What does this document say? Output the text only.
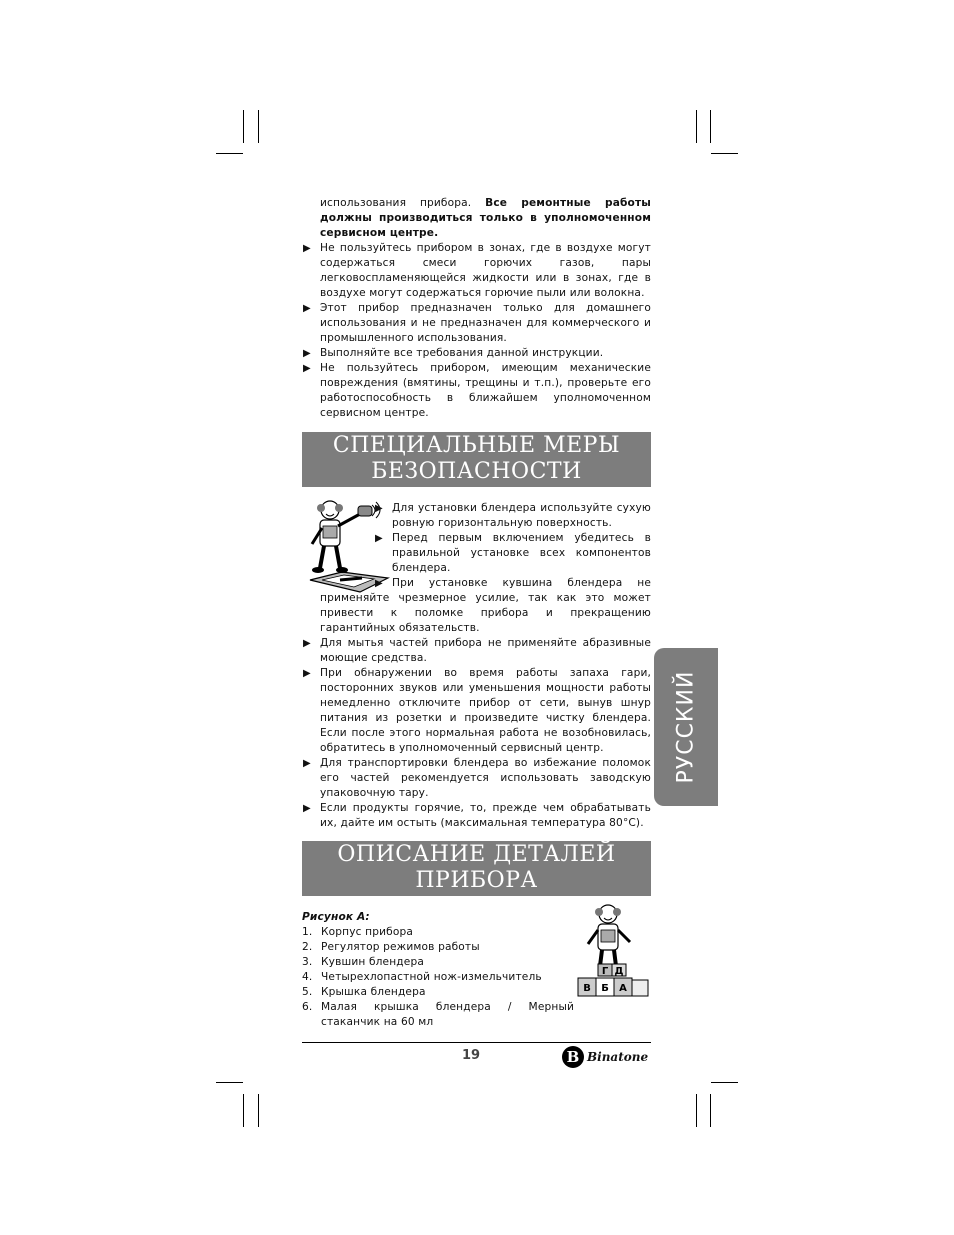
использования прибора. Все ремонтные работы должны производиться только в уполномоченном сервисном центре.
▶ Не пользуйтесь прибором в зонах, где в воздухе могут содержаться смеси горючих газов, пары легковоспламеняющейся жидкости или в зонах, где в воздухе могут содержаться горючие пыли или волокна.
▶ Этот прибор предназначен только для домашнего использования и не предназначен для коммерческого и промышленного использования.
▶ Выполняйте все требования данной инструкции.
▶ Не пользуйтесь прибором, имеющим механические повреждения (вмятины, трещины и т.п.), проверьте его работоспособность в ближайшем уполномоченном сервисном центре.
СПЕЦИАЛЬНЫЕ МЕРЫ
БЕЗОПАСНОСТИ
▶ Для установки блендера используйте сухую ровную горизонтальную поверхность.
▶ Перед первым включением убедитесь в правильной установке всех компонентов блендера.
▶ При установке кувшина блендера не применяйте чрезмерное усилие, так как это может привести к поломке прибора и прекращению гарантийных обязательств.
▶ Для мытья частей прибора не применяйте абразивные моющие средства.
▶ При обнаружении во время работы запаха гари, посторонних звуков или уменьшения мощности работы немедленно отключите прибор от сети, вынув шнур питания из розетки и произведите чистку блендера. Если после этого нормальная работа не возобновилась, обратитесь в уполномоченный сервисный центр.
▶ Для транспортировки блендера во избежание поломок его частей рекомендуется использовать заводскую упаковочную тару.
▶ Если продукты горячие, то, прежде чем обрабатывать их, дайте им остыть (максимальная температура 80°С).
ОПИСАНИЕ ДЕТАЛЕЙ
ПРИБОРА
Рисунок А:
1. Корпус прибора
2. Регулятор режимов работы
3. Кувшин блендера
4. Четырехлопастной нож-измельчитель
5. Крышка блендера
6. Малая крышка блендера / Мерный стаканчик на 60 мл
Г Д
В Б А
РУССКИЙ
19	B Binatone
